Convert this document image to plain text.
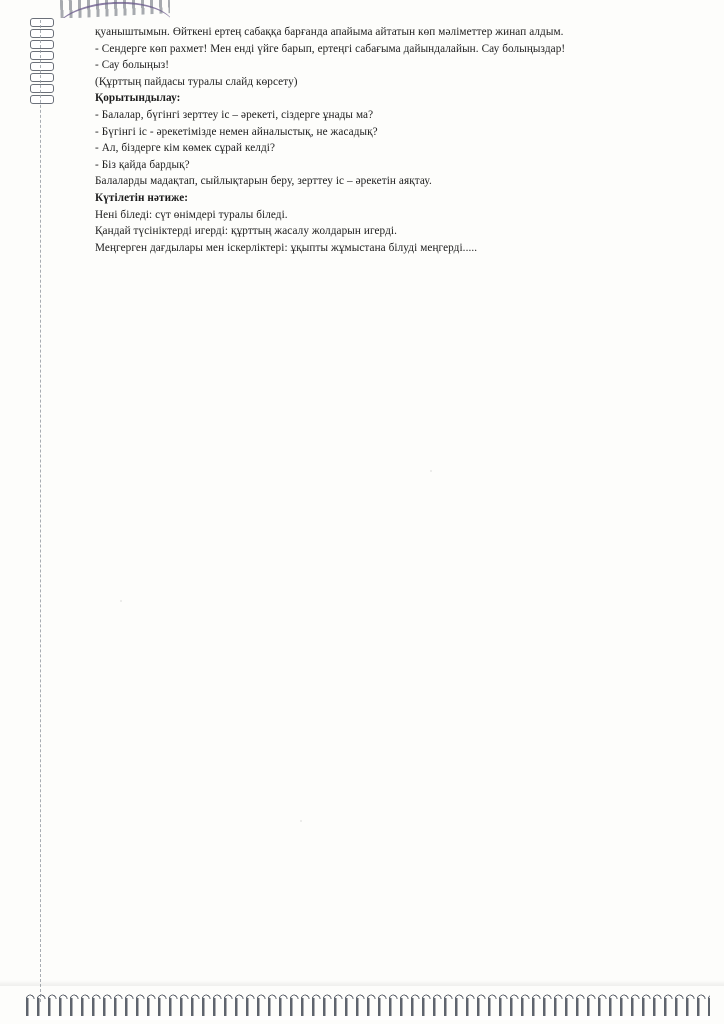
қуаныштымын. Өйткені ертең сабаққа барғанда апайыма айтатын көп мәліметтер жинап алдым.

- Сендерге көп рахмет! Мен енді үйге барып, ертеңгі сабағыма дайындалайын. Сау болыңыздар!

- Сау болыңыз!

(Құрттың пайдасы туралы слайд көрсету)

Қорытындылау:

- Балалар, бүгінгі зерттеу іс – әрекеті, сіздерге ұнады ма?

- Бүгінгі іс - әрекетімізде немен айналыстық, не жасадық?

- Ал, біздерге кім көмек сұрай келді?

- Біз қайда бардық?

Балаларды мадақтап, сыйлықтарын беру, зерттеу іс – әрекетін аяқтау.

Күтілетін нәтиже:

Нені біледі: сүт өнімдері туралы біледі.

Қандай түсініктерді игерді: құрттың жасалу жолдарын игерді.

Меңгерген дағдылары мен іскерліктері: ұқыпты жұмыстана білуді меңгерді.....
